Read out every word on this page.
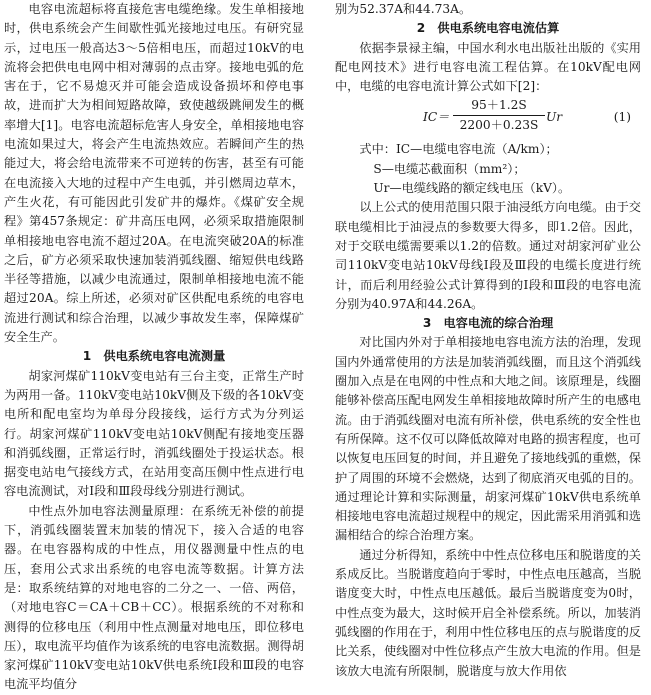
电容电流超标将直接危害电缆绝缘。发生单相接地时，供电系统会产生间歇性弧光接地过电压。有研究显示，过电压一般高达3～5倍相电压，而超过10kV的电流将会把供电电网中相对薄弱的点击穿。接地电弧的危害在于，它不易熄灭并可能会造成设备损坏和停电事故，进而扩大为相间短路故障，致使越级跳闸发生的概率增大[1]。电容电流超标危害人身安全，单相接地电容电流如果过大，将会产生电流热效应。若瞬间产生的热能过大，将会给电流带来不可逆转的伤害，甚至有可能在电流接入大地的过程中产生电弧，并引燃周边草木，产生火花，有可能因此引发矿井的爆炸。《煤矿安全规程》第457条规定：矿井高压电网，必须采取措施限制单相接地电容电流不超过20A。在电流突破20A的标准之后，矿方必须采取快速加装消弧线圈、缩短供电线路半径等措施，以减少电流通过，限制单相接地电流不能超过20A。综上所述，必须对矿区供配电系统的电容电流进行测试和综合治理，以减少事故发生率，保障煤矿安全生产。

1　供电系统电容电流测量

胡家河煤矿110kV变电站有三台主变，正常生产时为两用一备。110kV变电站10kV侧及下级的各10kV变电所和配电室均为单母分段接线，运行方式为分列运行。胡家河煤矿110kV变电站10kV侧配有接地变压器和消弧线圈，正常运行时，消弧线圈处于投运状态。根据变电站电气接线方式，在站用变高压侧中性点进行电容电流测试，对Ⅰ段和Ⅲ段母线分别进行测试。

中性点外加电容法测量原理：在系统无补偿的前提下，消弧线圈装置末加装的情况下，接入合适的电容器。在电容器构成的中性点，用仪器测量中性点的电压，套用公式求出系统的电容电流等数据。计算方法是：取系统结算的对地电容的二分之一、一倍、两倍，（对地电容C＝CA＋CB＋CC）。根据系统的不对称和测得的位移电压（利用中性点测量对地电压，即位移电压），取电流平均值作为该系统的电容电流数据。测得胡家河煤矿110kV变电站10kV供电系统Ⅰ段和Ⅲ段的电容电流平均值分

别为52.37A和44.73A。

2　供电系统电容电流估算

依据李景禄主编，中国水利水电出版社出版的《实用配电网技术》进行电容电流工程估算。在10kV配电网中，电缆的电容电流计算公式如下[2]：

$IC= \frac{95+1.2S}{2200+0.23S}$ Ur	(1)

式中：IC—电缆电容电流（A/km）；

S—电缆芯截面积（mm²）；

Ur—电缆线路的额定线电压（kV）。

以上公式的使用范围只限于油浸纸方向电缆。由于交联电缆相比于油浸点的参数要大得多，即1.2倍。因此，对于交联电缆需要乘以1.2的倍数。通过对胡家河矿业公司110kV变电站10kV母线Ⅰ段及Ⅲ段的电缆长度进行统计，而后利用经验公式计算得到的Ⅰ段和Ⅲ段的电容电流分别为40.97A和44.26A。

3　电容电流的综合治理

对比国内外对于单相接地电容电流方法的治理，发现国内外通常使用的方法是加装消弧线圈，而且这个消弧线圈加入点是在电网的中性点和大地之间。该原理是，线圈能够补偿高压配电网发生单相接地故障时所产生的电感电流。由于消弧线圈对电流有所补偿，供电系统的安全性也有所保障。这不仅可以降低故障对电路的损害程度，也可以恢复电压回复的时间，并且避免了接地线弧的重燃，保护了周围的环境不会燃烧，达到了彻底消灭电弧的目的。通过理论计算和实际测量，胡家河煤矿10kV供电系统单相接地电容电流超过规程中的规定，因此需采用消弧和选漏相结合的综合治理方案。

通过分析得知，系统中中性点位移电压和脱谐度的关系成反比。当脱谐度趋向于零时，中性点电压越高，当脱谐度变大时，中性点电压越低。最后当脱谐度变为0时，中性点变为最大，这时候开启全补偿系统。所以，加装消弧线圈的作用在于，利用中性位移电压的点与脱谐度的反比关系，使线圈对中性位移点产生放大电流的作用。但是该放大电流有所限制，脱谐度与放大作用依
